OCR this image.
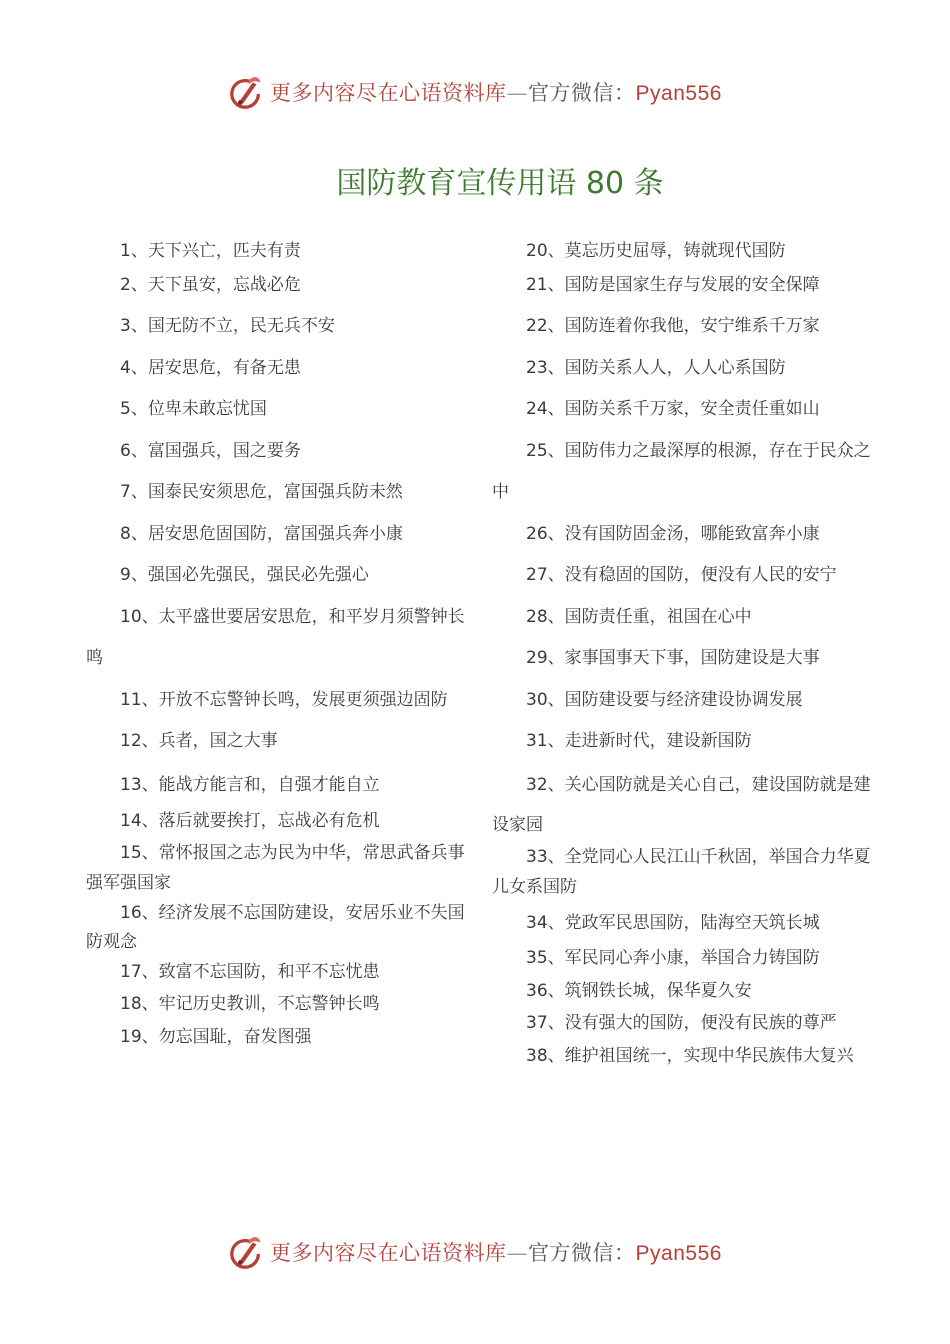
更多内容尽在心语资料库—官方微信：Pyan556
国防教育宣传用语 80 条
1、天下兴亡，匹夫有责
2、天下虽安，忘战必危
3、国无防不立，民无兵不安
4、居安思危，有备无患
5、位卑未敢忘忧国
6、富国强兵，国之要务
7、国泰民安须思危，富国强兵防未然
8、居安思危固国防，富国强兵奔小康
9、强国必先强民，强民必先强心
10、太平盛世要居安思危，和平岁月须警钟长
鸣
11、开放不忘警钟长鸣，发展更须强边固防
12、兵者，国之大事
13、能战方能言和，自强才能自立
14、落后就要挨打，忘战必有危机
15、常怀报国之志为民为中华，常思武备兵事
强军强国家
16、经济发展不忘国防建设，安居乐业不失国
防观念
17、致富不忘国防，和平不忘忧患
18、牢记历史教训，不忘警钟长鸣
19、勿忘国耻，奋发图强
20、莫忘历史屈辱，铸就现代国防
21、国防是国家生存与发展的安全保障
22、国防连着你我他，安宁维系千万家
23、国防关系人人，人人心系国防
24、国防关系千万家，安全责任重如山
25、国防伟力之最深厚的根源，存在于民众之
中
26、没有国防固金汤，哪能致富奔小康
27、没有稳固的国防，便没有人民的安宁
28、国防责任重，祖国在心中
29、家事国事天下事，国防建设是大事
30、国防建设要与经济建设协调发展
31、走进新时代，建设新国防
32、关心国防就是关心自己，建设国防就是建
设家园
33、全党同心人民江山千秋固，举国合力华夏
儿女系国防
34、党政军民思国防，陆海空天筑长城
35、军民同心奔小康，举国合力铸国防
36、筑钢铁长城，保华夏久安
37、没有强大的国防，便没有民族的尊严
38、维护祖国统一，实现中华民族伟大复兴
更多内容尽在心语资料库—官方微信：Pyan556
